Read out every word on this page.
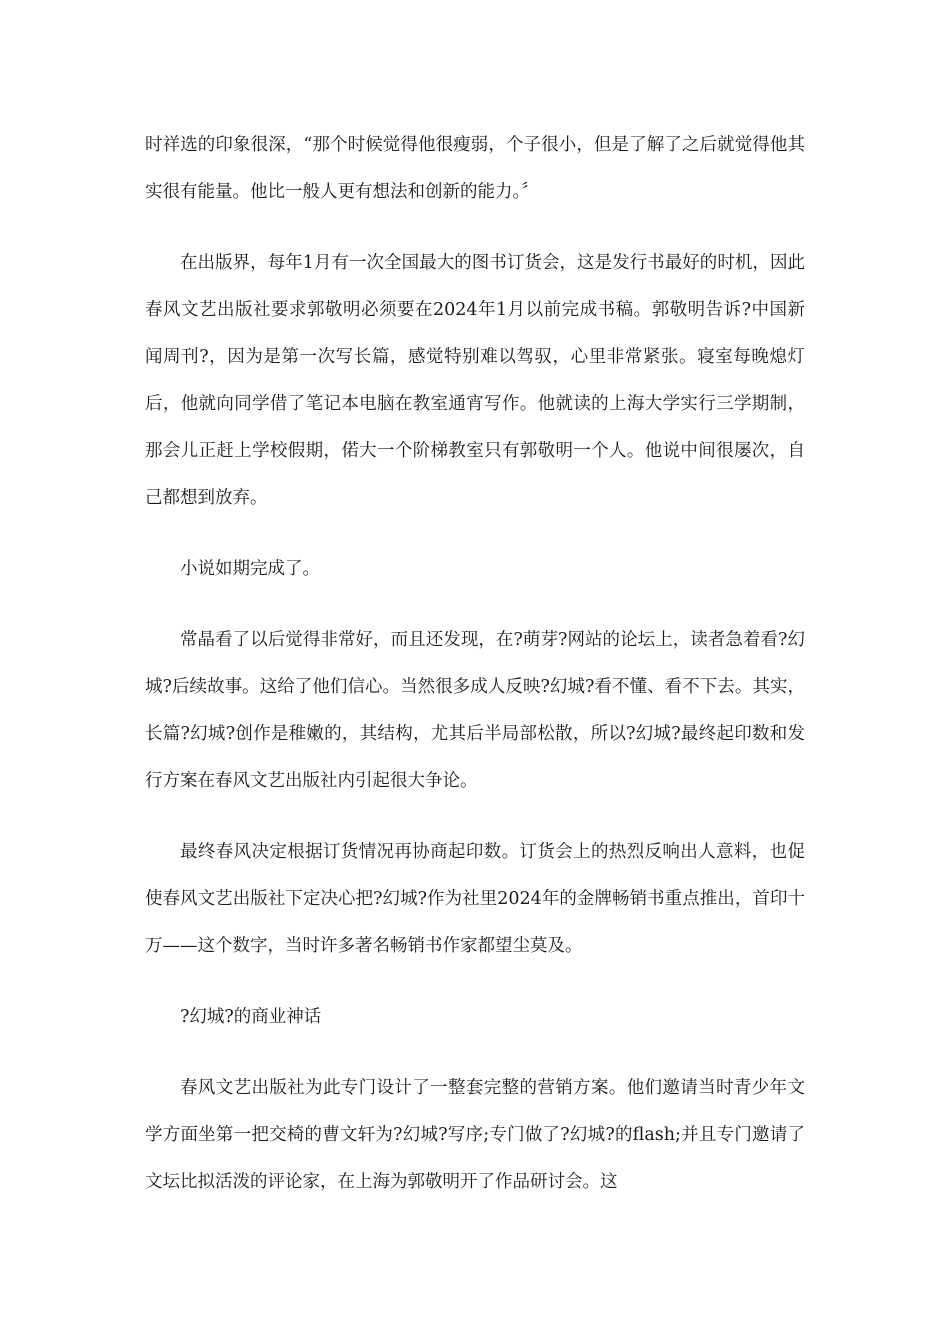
时祥选的印象很深，“那个时候觉得他很瘦弱，个子很小，但是了解了之后就觉得他其实很有能量。他比一般人更有想法和创新的能力。〞

在出版界，每年1月有一次全国最大的图书订货会，这是发行书最好的时机，因此春风文艺出版社要求郭敬明必须要在2024年1月以前完成书稿。郭敬明告诉?中国新闻周刊?，因为是第一次写长篇，感觉特别难以驾驭，心里非常紧张。寝室每晚熄灯后，他就向同学借了笔记本电脑在教室通宵写作。他就读的上海大学实行三学期制，那会儿正赶上学校假期，偌大一个阶梯教室只有郭敬明一个人。他说中间很屡次，自己都想到放弃。

小说如期完成了。

常晶看了以后觉得非常好，而且还发现，在?萌芽?网站的论坛上，读者急着看?幻城?后续故事。这给了他们信心。当然很多成人反映?幻城?看不懂、看不下去。其实，长篇?幻城?创作是稚嫩的，其结构，尤其后半局部松散，所以?幻城?最终起印数和发行方案在春风文艺出版社内引起很大争论。

最终春风决定根据订货情况再协商起印数。订货会上的热烈反响出人意料，也促使春风文艺出版社下定决心把?幻城?作为社里2024年的金牌畅销书重点推出，首印十万——这个数字，当时许多著名畅销书作家都望尘莫及。

?幻城?的商业神话

春风文艺出版社为此专门设计了一整套完整的营销方案。他们邀请当时青少年文学方面坐第一把交椅的曹文轩为?幻城?写序;专门做了?幻城?的flash;并且专门邀请了文坛比拟活泼的评论家，在上海为郭敬明开了作品研讨会。这
